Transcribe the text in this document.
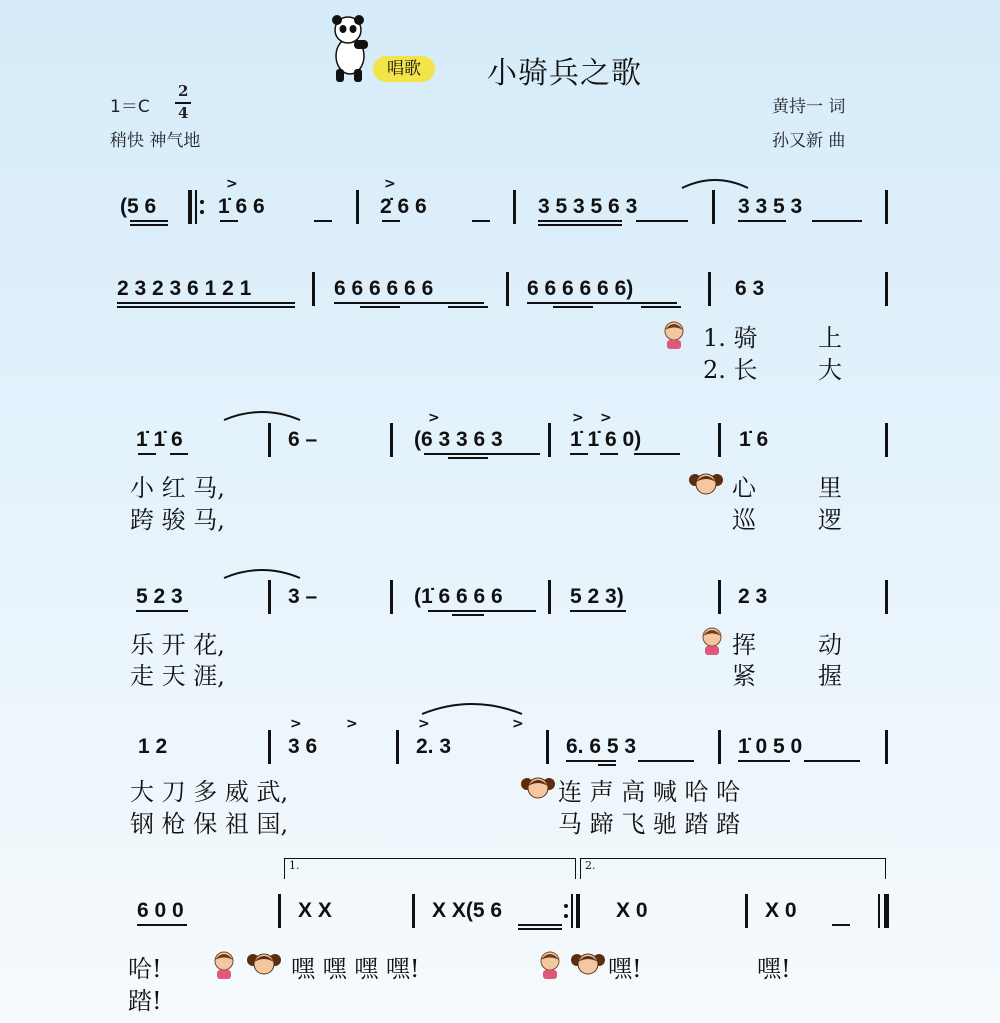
唱歌	小骑兵之歌
1＝C
2
4
稍快 神气地
黄持一 词
孙又新 曲
(5 6	1̇ 6 6	2̇ 6 6	3 5 3 5 6 3	3 3 5 3
>	>
2 3 2 3 6 1 2 1	6 6 6 6 6 6	6 6 6 6 6 6)	6 3
1. 骑	上
2. 长	大
1̇ 1̇ 6	6 –	(6 3 3 6 3	1̇ 1̇ 6 0)	1̇ 6
>	> >
小 红 马,	心	里
跨 骏 马,	巡	逻
5 2 3	3 –	(1̇ 6 6 6 6	5 2 3)	2 3
乐 开 花,	挥	动
走 天 涯,	紧	握
1 2	3 6	2. 3	6. 6 5 3	1̇ 0 5 0
>	>	>	>
大 刀 多 威 武,	连 声 高 喊 哈 哈
钢 枪 保 祖 国,	马 蹄 飞 驰 踏 踏
1.	2.
6 0 0	X X	X X(5 6	X 0	X 0
哈!	嘿 嘿 嘿 嘿!	嘿!	嘿!
踏!
